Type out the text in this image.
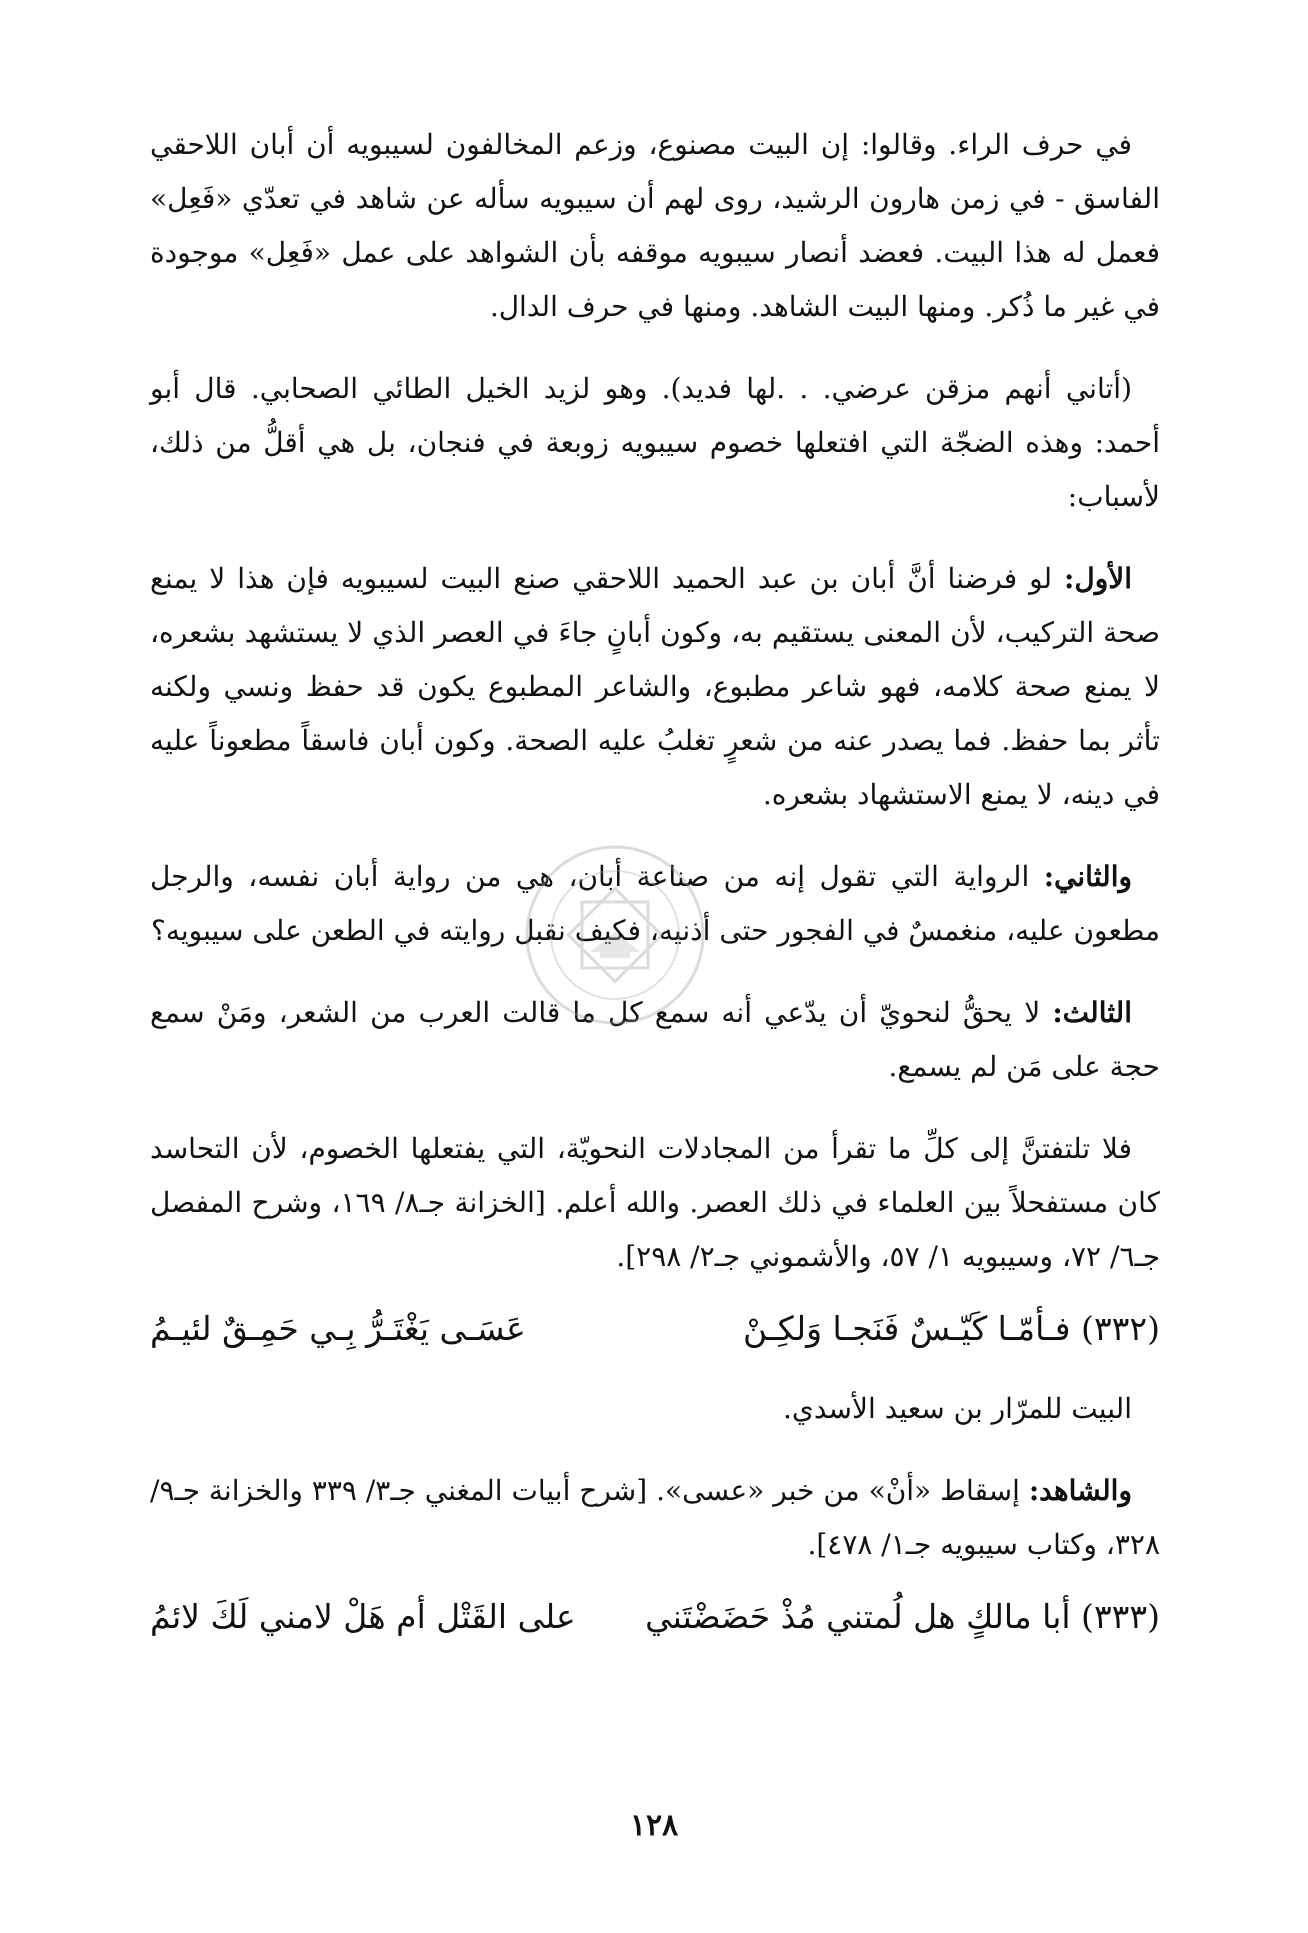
في حرف الراء. وقالوا: إن البيت مصنوع، وزعم المخالفون لسيبويه أن أبان اللاحقي الفاسق - في زمن هارون الرشيد، روى لهم أن سيبويه سأله عن شاهد في تعدّي «فَعِل» فعمل له هذا البيت. فعضد أنصار سيبويه موقفه بأن الشواهد على عمل «فَعِل» موجودة في غير ما ذُكر. ومنها البيت الشاهد. ومنها في حرف الدال.

(أتاني أنهم مزقن عرضي. . .لها فديد). وهو لزيد الخيل الطائي الصحابي. قال أبو أحمد: وهذه الضجّة التي افتعلها خصوم سيبويه زوبعة في فنجان، بل هي أقلُّ من ذلك، لأسباب:

الأول: لو فرضنا أنَّ أبان بن عبد الحميد اللاحقي صنع البيت لسيبويه فإن هذا لا يمنع صحة التركيب، لأن المعنى يستقيم به، وكون أبانٍ جاءَ في العصر الذي لا يستشهد بشعره، لا يمنع صحة كلامه، فهو شاعر مطبوع، والشاعر المطبوع يكون قد حفظ ونسي ولكنه تأثر بما حفظ. فما يصدر عنه من شعرٍ تغلبُ عليه الصحة. وكون أبان فاسقاً مطعوناً عليه في دينه، لا يمنع الاستشهاد بشعره.

والثاني: الرواية التي تقول إنه من صناعة أبان، هي من رواية أبان نفسه، والرجل مطعون عليه، منغمسٌ في الفجور حتى أذنيه، فكيف نقبل روايته في الطعن على سيبويه؟

الثالث: لا يحقُّ لنحويّ أن يدّعي أنه سمع كل ما قالت العرب من الشعر، ومَنْ سمع حجة على مَن لم يسمع.

فلا تلتفتنَّ إلى كلِّ ما تقرأ من المجادلات النحويّة، التي يفتعلها الخصوم، لأن التحاسد كان مستفحلاً بين العلماء في ذلك العصر. والله أعلم. [الخزانة جـ٨/ ١٦٩، وشرح المفصل جـ٦/ ٧٢، وسيبويه ١/ ٥٧، والأشموني جـ٢/ ٢٩٨].

(٣٣٢) فـأمّـا كَيّـسٌ فَنَجـا وَلكِـنْ
عَسَـى يَغْتَـرُّ بِـي حَمِـقٌ لئيـمُ

البيت للمرّار بن سعيد الأسدي.

والشاهد: إسقاط «أنْ» من خبر «عسى». [شرح أبيات المغني جـ٣/ ٣٣٩ والخزانة جـ٩/ ٣٢٨، وكتاب سيبويه جـ١/ ٤٧٨].

(٣٣٣) أبا مالكٍ هل لُمتني مُذْ حَضَضْتَني
على القَتْل أم هَلْ لامني لَكَ لائمُ
١٢٨
